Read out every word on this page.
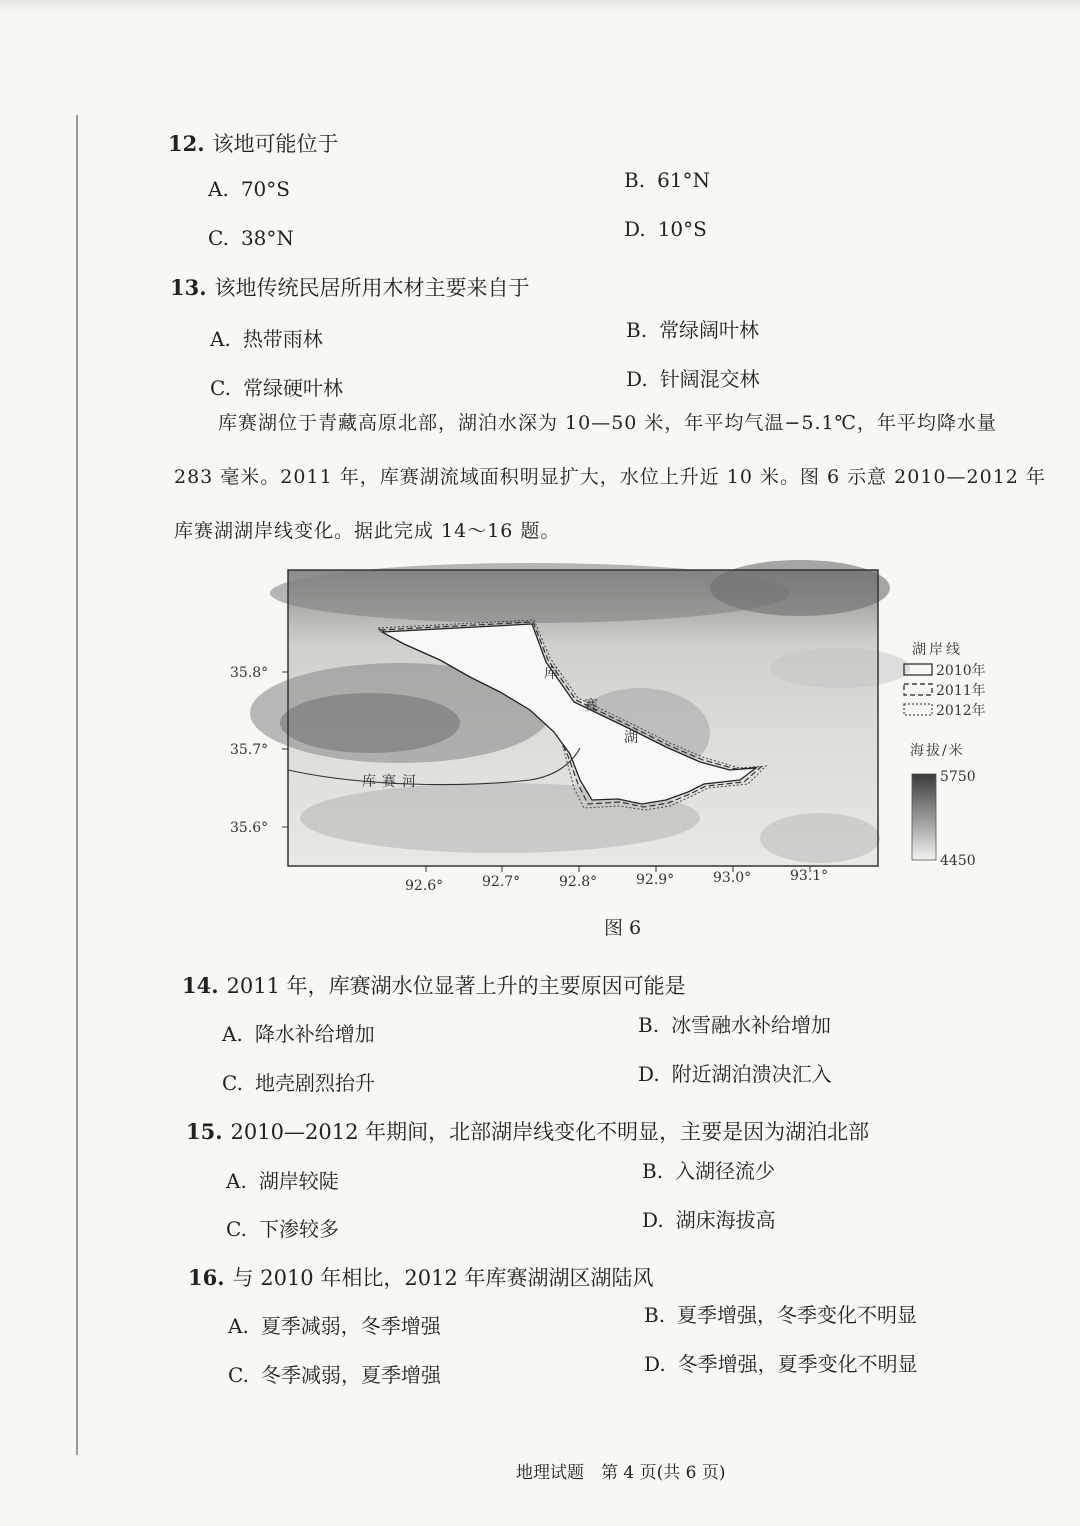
12. 该地可能位于
A. 70°S	B. 61°N
C. 38°N	D. 10°S
13. 该地传统民居所用木材主要来自于
A. 热带雨林	B. 常绿阔叶林
C. 常绿硬叶林	D. 针阔混交林
库赛湖位于青藏高原北部，湖泊水深为 10—50 米，年平均气温−5.1℃，年平均降水量
283 毫米。2011 年，库赛湖流域面积明显扩大，水位上升近 10 米。图 6 示意 2010—2012 年
库赛湖湖岸线变化。据此完成 14～16 题。
库赛河
库
赛
湖
35.8°
35.7°
35.6°
92.6°	92.7°	92.8°	92.9°	93.0°	93.1°
湖岸线
2010年
2011年
2012年
海拔/米
5750
4450
图 6
14. 2011 年，库赛湖水位显著上升的主要原因可能是
A. 降水补给增加	B. 冰雪融水补给增加
C. 地壳剧烈抬升	D. 附近湖泊溃决汇入
15. 2010—2012 年期间，北部湖岸线变化不明显，主要是因为湖泊北部
A. 湖岸较陡	B. 入湖径流少
C. 下渗较多	D. 湖床海拔高
16. 与 2010 年相比，2012 年库赛湖湖区湖陆风
A. 夏季减弱，冬季增强	B. 夏季增强，冬季变化不明显
C. 冬季减弱，夏季增强	D. 冬季增强，夏季变化不明显
地理试题　第 4 页(共 6 页)
